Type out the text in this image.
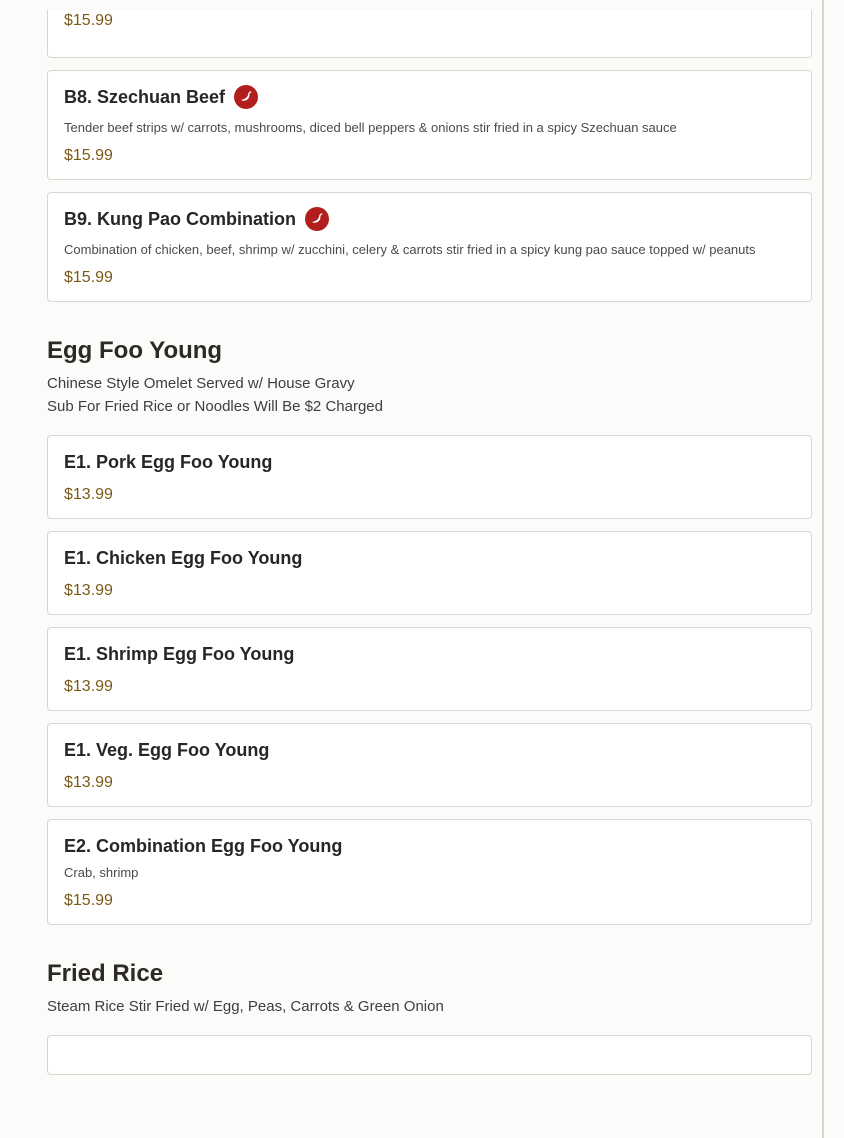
$15.99
B8. Szechuan Beef
Tender beef strips w/ carrots, mushrooms, diced bell peppers & onions stir fried in a spicy Szechuan sauce
$15.99
B9. Kung Pao Combination
Combination of chicken, beef, shrimp w/ zucchini, celery & carrots stir fried in a spicy kung pao sauce topped w/ peanuts
$15.99
Egg Foo Young
Chinese Style Omelet Served w/ House Gravy
Sub For Fried Rice or Noodles Will Be $2 Charged
E1. Pork Egg Foo Young
$13.99
E1. Chicken Egg Foo Young
$13.99
E1. Shrimp Egg Foo Young
$13.99
E1. Veg. Egg Foo Young
$13.99
E2. Combination Egg Foo Young
Crab, shrimp
$15.99
Fried Rice
Steam Rice Stir Fried w/ Egg, Peas, Carrots & Green Onion
